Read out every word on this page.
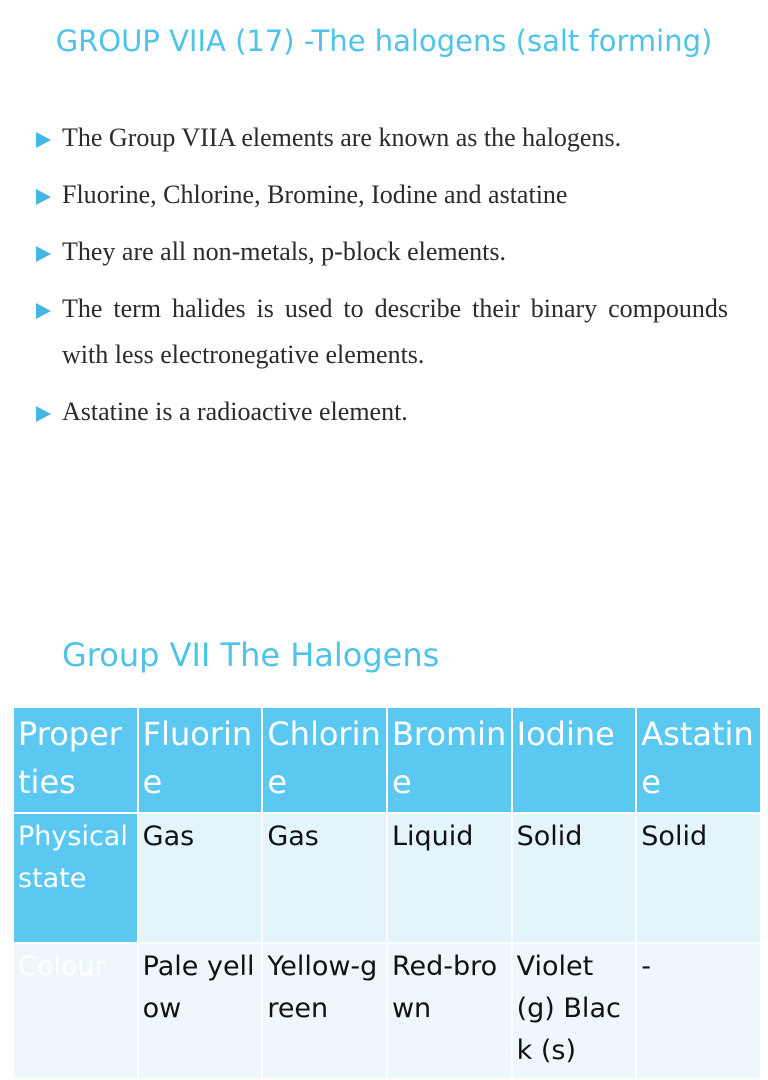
GROUP VIIA (17) -The halogens (salt forming)
The Group VIIA elements are known as the halogens.
Fluorine, Chlorine, Bromine, Iodine and astatine
They are all non-metals, p-block elements.
The term halides is used to describe their binary compounds with less electronegative elements.
Astatine is a radioactive element.
Group VII The Halogens
Properties	Fluorine	Chlorine	Bromine	Iodine	Astatine
Physical state	Gas	Gas	Liquid	Solid	Solid
Colour	Pale yellow	Yellow-green	Red-brown	Violet (g) Black (s)	-
